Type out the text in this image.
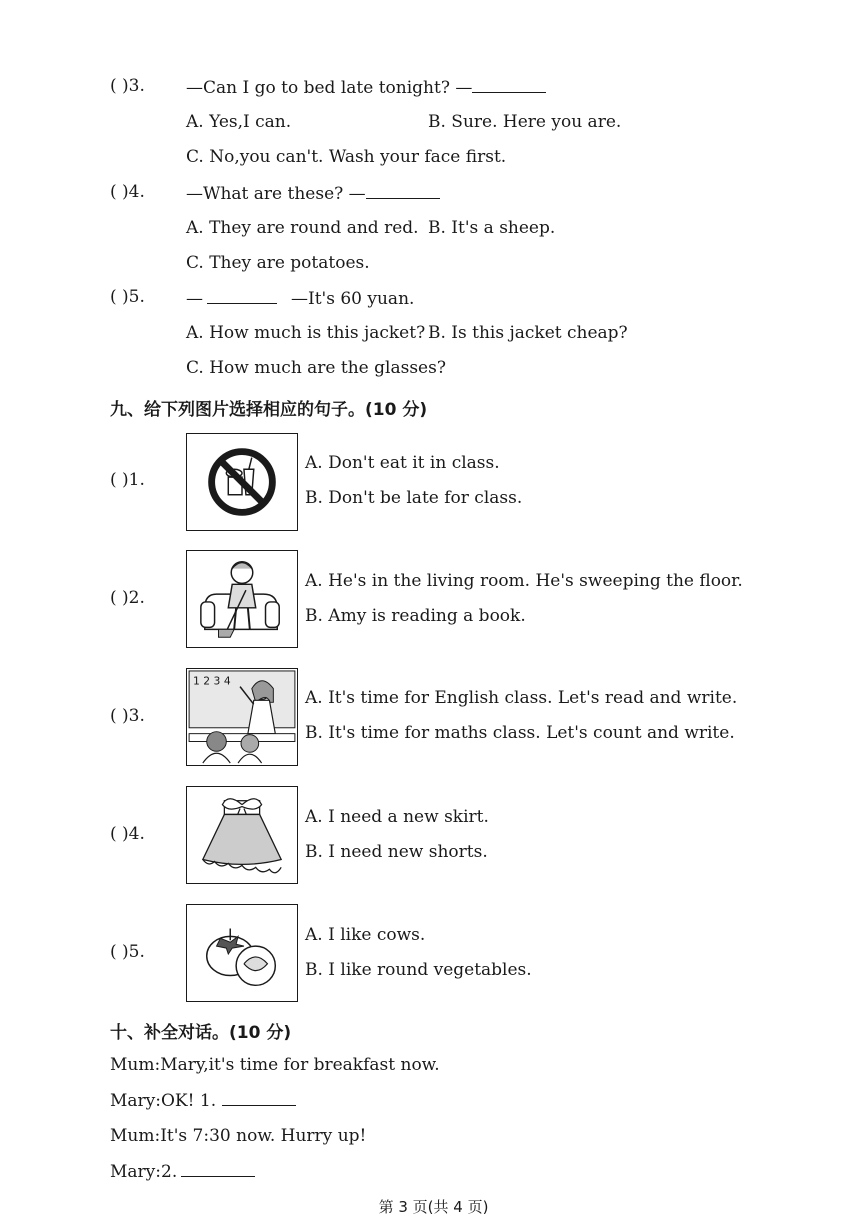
( )3. —Can I go to bed late tonight? —
A. Yes,I can.	B. Sure. Here you are.
C. No,you can't. Wash your face first.
( )4. —What are these? —
A. They are round and red. B. It's a sheep.
C. They are potatoes.
( )5. —	—It's 60 yuan.
A. How much is this jacket? B. Is this jacket cheap?
C. How much are the glasses?
九、给下列图片选择相应的句子。(10 分)
( )1.
A. Don't eat it in class.
B. Don't be late for class.
( )2.
A. He's in the living room. He's sweeping the floor.
B. Amy is reading a book.
( )3.
1 2 3 4
A. It's time for English class. Let's read and write.
B. It's time for maths class. Let's count and write.
( )4.
A. I need a new skirt.
B. I need new shorts.
( )5.
A. I like cows.
B. I like round vegetables.
十、补全对话。(10 分)
Mum:Mary,it's time for breakfast now.
Mary:OK! 1.
Mum:It's 7:30 now. Hurry up!
Mary:2.
第 3 页(共 4 页)
